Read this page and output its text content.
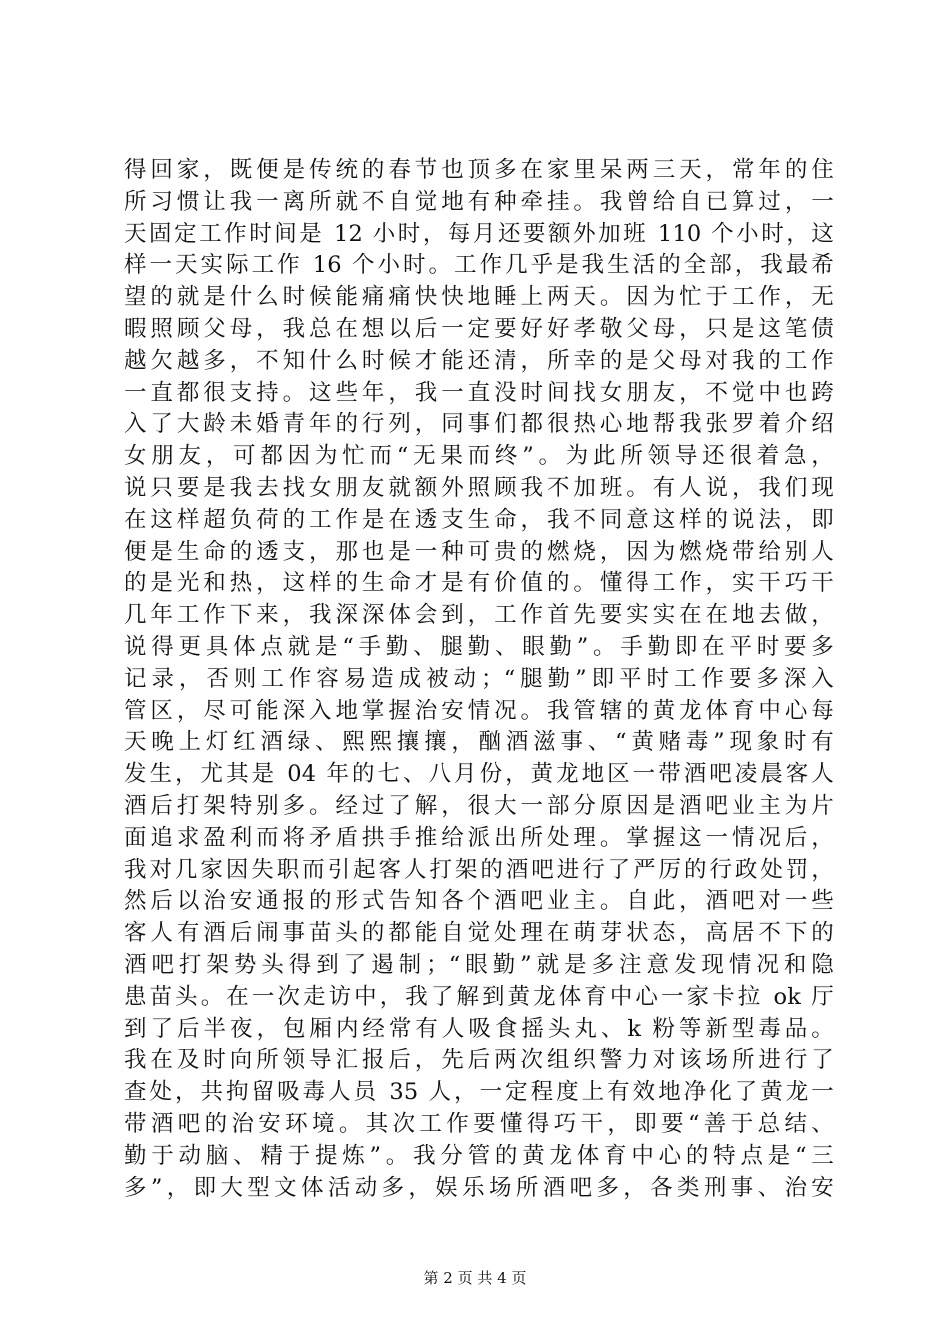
得回家，既便是传统的春节也顶多在家里呆两三天，常年的住
所习惯让我一离所就不自觉地有种牵挂。我曾给自已算过，一
天固定工作时间是 12 小时，每月还要额外加班 110 个小时，这
样一天实际工作 16 个小时。工作几乎是我生活的全部，我最希
望的就是什么时候能痛痛快快地睡上两天。因为忙于工作，无
暇照顾父母，我总在想以后一定要好好孝敬父母，只是这笔债
越欠越多，不知什么时候才能还清，所幸的是父母对我的工作
一直都很支持。这些年，我一直没时间找女朋友，不觉中也跨
入了大龄未婚青年的行列，同事们都很热心地帮我张罗着介绍
女朋友，可都因为忙而“无果而终”。为此所领导还很着急，
说只要是我去找女朋友就额外照顾我不加班。有人说，我们现
在这样超负荷的工作是在透支生命，我不同意这样的说法，即
便是生命的透支，那也是一种可贵的燃烧，因为燃烧带给别人
的是光和热，这样的生命才是有价值的。懂得工作，实干巧干
几年工作下来，我深深体会到，工作首先要实实在在地去做，
说得更具体点就是“手勤、腿勤、眼勤”。手勤即在平时要多
记录，否则工作容易造成被动；“腿勤”即平时工作要多深入
管区，尽可能深入地掌握治安情况。我管辖的黄龙体育中心每
天晚上灯红酒绿、熙熙攘攘，酗酒滋事、“黄赌毒”现象时有
发生，尤其是 04 年的七、八月份，黄龙地区一带酒吧凌晨客人
酒后打架特别多。经过了解，很大一部分原因是酒吧业主为片
面追求盈利而将矛盾拱手推给派出所处理。掌握这一情况后，
我对几家因失职而引起客人打架的酒吧进行了严厉的行政处罚，
然后以治安通报的形式告知各个酒吧业主。自此，酒吧对一些
客人有酒后闹事苗头的都能自觉处理在萌芽状态，高居不下的
酒吧打架势头得到了遏制；“眼勤”就是多注意发现情况和隐
患苗头。在一次走访中，我了解到黄龙体育中心一家卡拉 ok 厅
到了后半夜，包厢内经常有人吸食摇头丸、k 粉等新型毒品。
我在及时向所领导汇报后，先后两次组织警力对该场所进行了
查处，共拘留吸毒人员 35 人，一定程度上有效地净化了黄龙一
带酒吧的治安环境。其次工作要懂得巧干，即要“善于总结、
勤于动脑、精于提炼”。我分管的黄龙体育中心的特点是“三
多”，即大型文体活动多，娱乐场所酒吧多，各类刑事、治安
第 2 页 共 4 页
